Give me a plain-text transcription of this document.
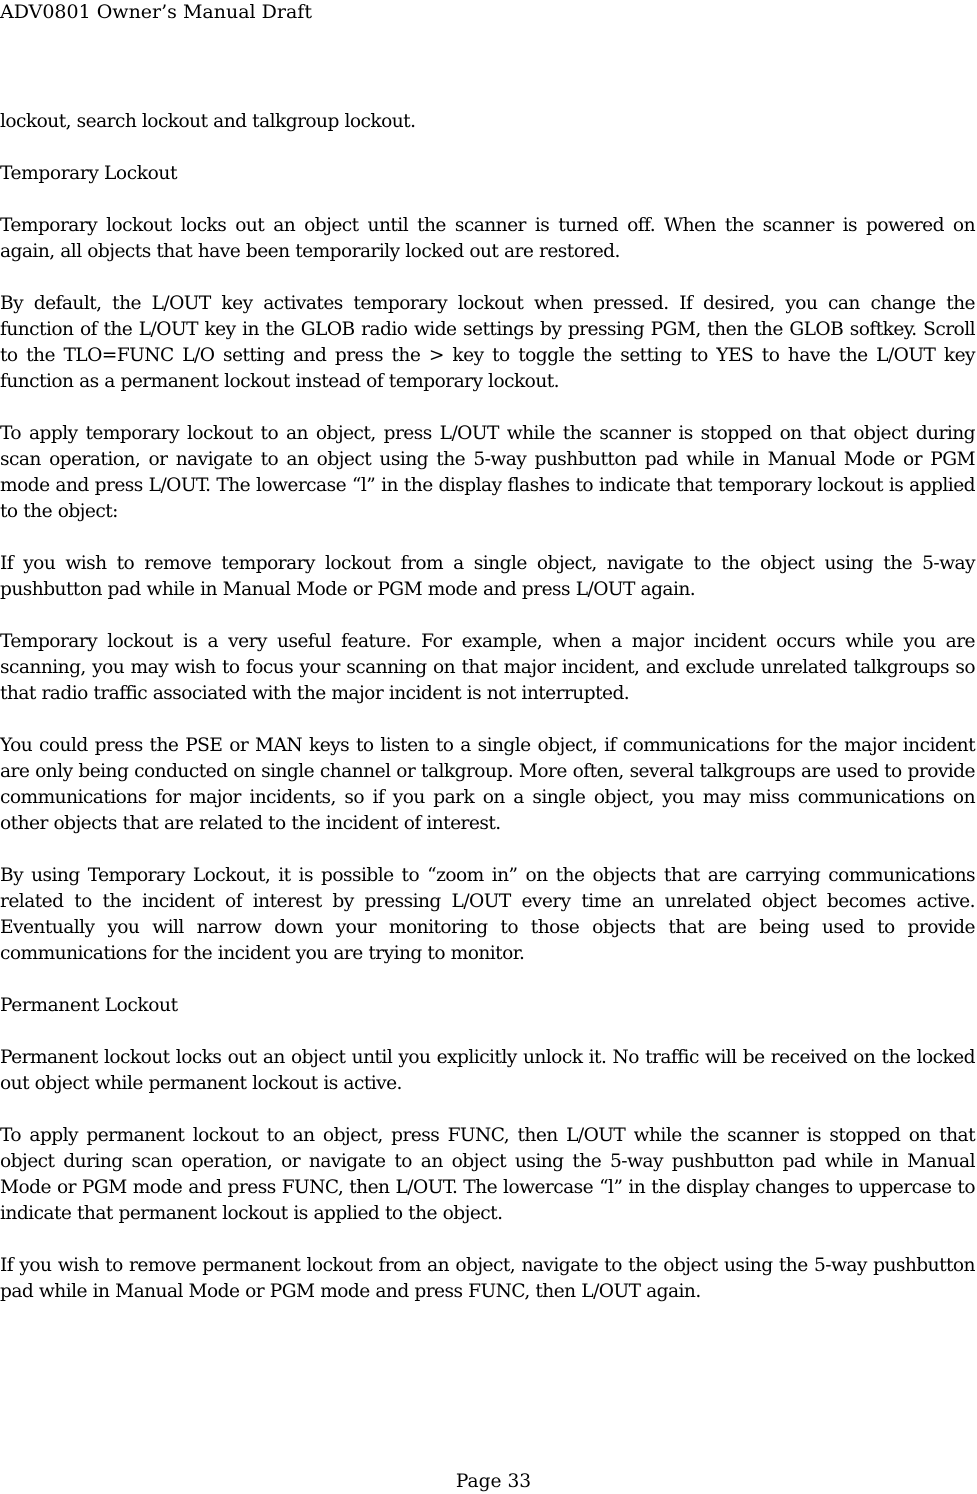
ADV0801 Owner’s Manual Draft

lockout, search lockout and talkgroup lockout.

Temporary Lockout

Temporary lockout locks out an object until the scanner is turned off. When the scanner is powered on again, all objects that have been temporarily locked out are restored.

By default, the L/OUT key activates temporary lockout when pressed. If desired, you can change the function of the L/OUT key in the GLOB radio wide settings by pressing PGM, then the GLOB softkey. Scroll to the TLO=FUNC L/O setting and press the > key to toggle the setting to YES to have the L/OUT key function as a permanent lockout instead of temporary lockout.

To apply temporary lockout to an object, press L/OUT while the scanner is stopped on that object during scan operation, or navigate to an object using the 5-way pushbutton pad while in Manual Mode or PGM mode and press L/OUT. The lowercase “l” in the display flashes to indicate that temporary lockout is applied to the object:

If you wish to remove temporary lockout from a single object, navigate to the object using the 5-way pushbutton pad while in Manual Mode or PGM mode and press L/OUT again.

Temporary lockout is a very useful feature. For example, when a major incident occurs while you are scanning, you may wish to focus your scanning on that major incident, and exclude unrelated talkgroups so that radio traffic associated with the major incident is not interrupted.

You could press the PSE or MAN keys to listen to a single object, if communications for the major incident are only being conducted on single channel or talkgroup. More often, several talkgroups are used to provide communications for major incidents, so if you park on a single object, you may miss communications on other objects that are related to the incident of interest.

By using Temporary Lockout, it is possible to “zoom in” on the objects that are carrying communications related to the incident of interest by pressing L/OUT every time an unrelated object becomes active. Eventually you will narrow down your monitoring to those objects that are being used to provide communications for the incident you are trying to monitor.

Permanent Lockout

Permanent lockout locks out an object until you explicitly unlock it. No traffic will be received on the locked out object while permanent lockout is active.

To apply permanent lockout to an object, press FUNC, then L/OUT while the scanner is stopped on that object during scan operation, or navigate to an object using the 5-way pushbutton pad while in Manual Mode or PGM mode and press FUNC, then L/OUT. The lowercase “l” in the display changes to uppercase to indicate that permanent lockout is applied to the object.

If you wish to remove permanent lockout from an object, navigate to the object using the 5-way pushbutton pad while in Manual Mode or PGM mode and press FUNC, then L/OUT again.

Page 33
